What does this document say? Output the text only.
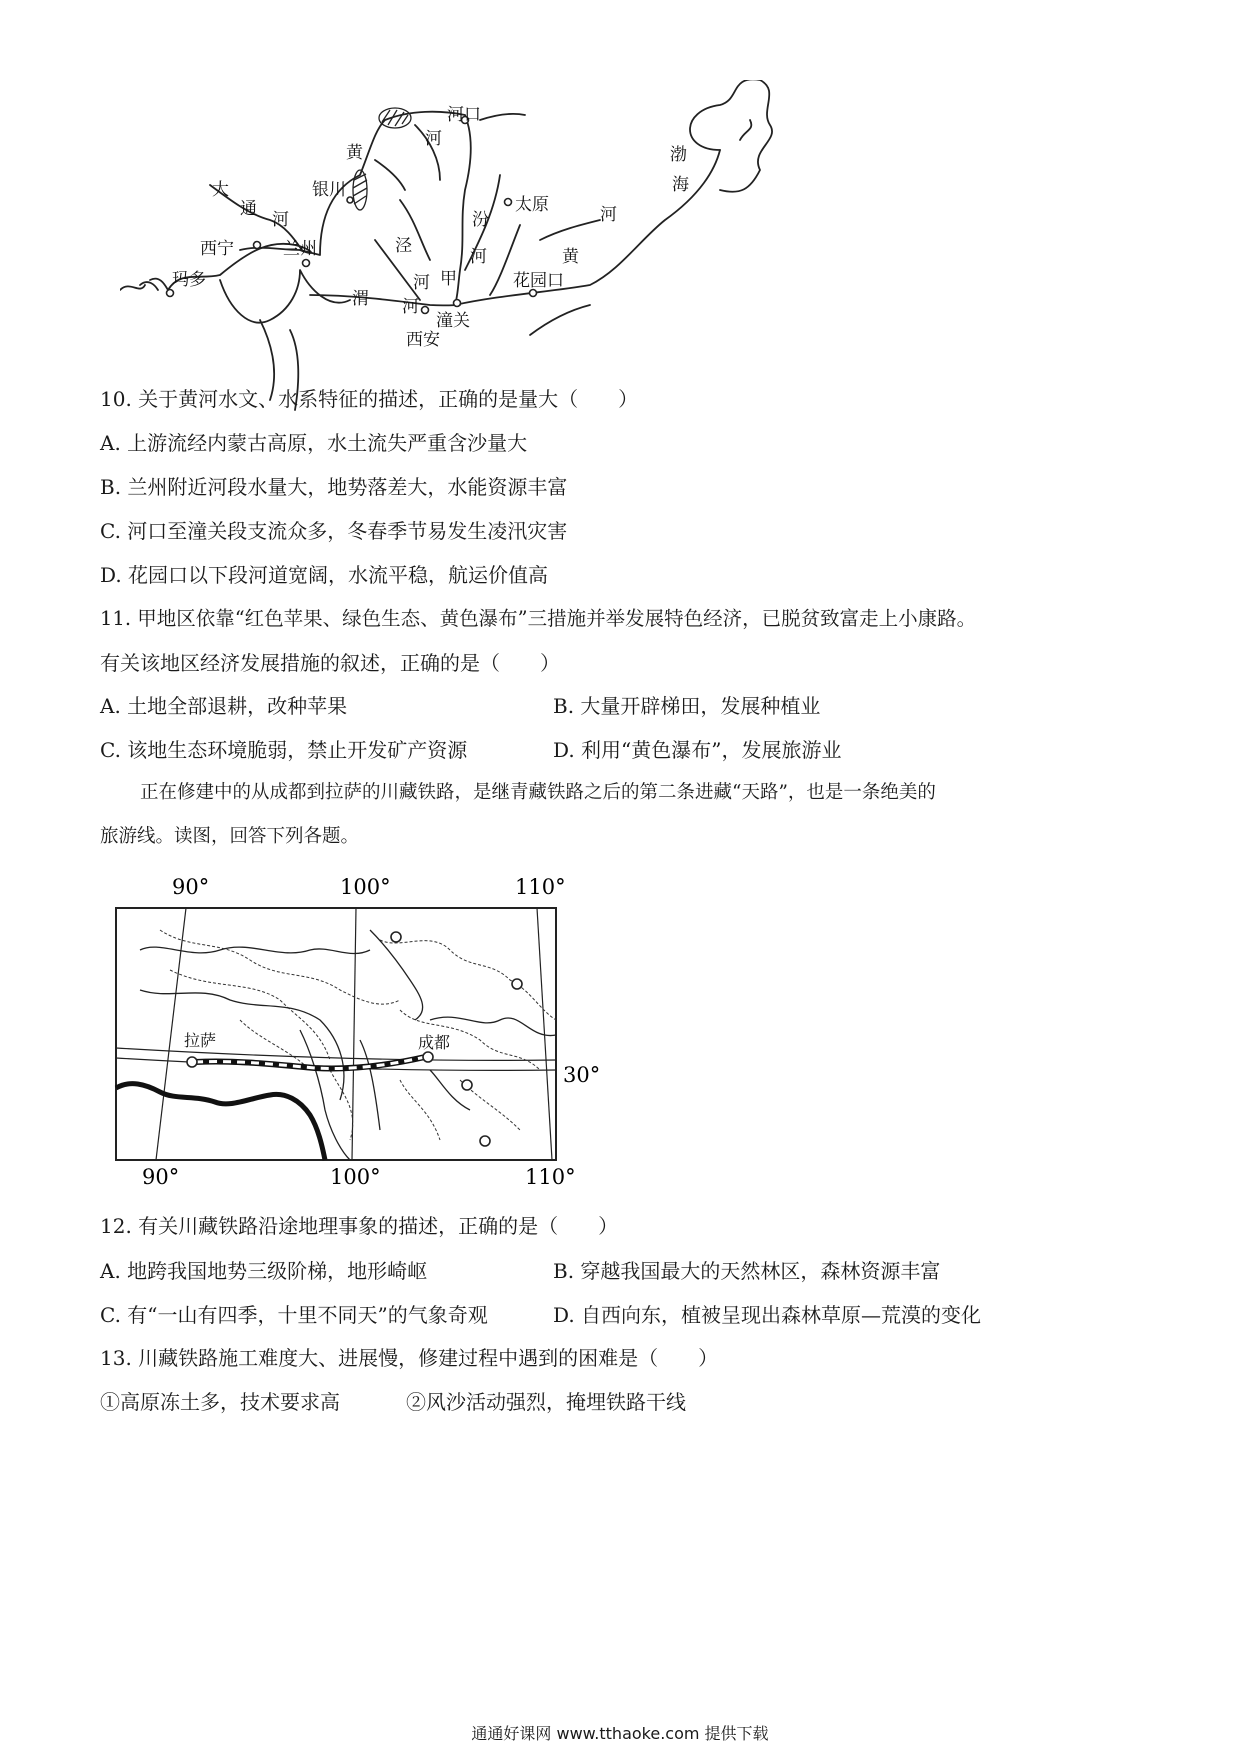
河口
黄
河
渤
海
大
通
河
银川
太原
汾
河
河
黄
西宁	兰州	泾
甲
河	花园口
玛多
渭 河
潼关
西安
10. 关于黄河水文、水系特征的描述，正确的是量大（　　）
A. 上游流经内蒙古高原，水土流失严重含沙量大
B. 兰州附近河段水量大，地势落差大，水能资源丰富
C. 河口至潼关段支流众多，冬春季节易发生凌汛灾害
D. 花园口以下段河道宽阔，水流平稳，航运价值高
11. 甲地区依靠“红色苹果、绿色生态、黄色瀑布”三措施并举发展特色经济，已脱贫致富走上小康路。
有关该地区经济发展措施的叙述，正确的是（　　）
A. 土地全部退耕，改种苹果	B. 大量开辟梯田，发展种植业
C. 该地生态环境脆弱，禁止开发矿产资源	D. 利用“黄色瀑布”，发展旅游业
正在修建中的从成都到拉萨的川藏铁路，是继青藏铁路之后的第二条进藏“天路”，也是一条绝美的
旅游线。读图，回答下列各题。
90°	100°	110°
90°	100°	110°
30°
拉萨	成都
12. 有关川藏铁路沿途地理事象的描述，正确的是（　　）
A. 地跨我国地势三级阶梯，地形崎岖	B. 穿越我国最大的天然林区，森林资源丰富
C. 有“一山有四季，十里不同天”的气象奇观	D. 自西向东，植被呈现出森林草原—荒漠的变化
13. 川藏铁路施工难度大、进展慢，修建过程中遇到的困难是（　　）
①高原冻土多，技术要求高	②风沙活动强烈，掩埋铁路干线
通通好课网 www.tthaoke.com 提供下载
